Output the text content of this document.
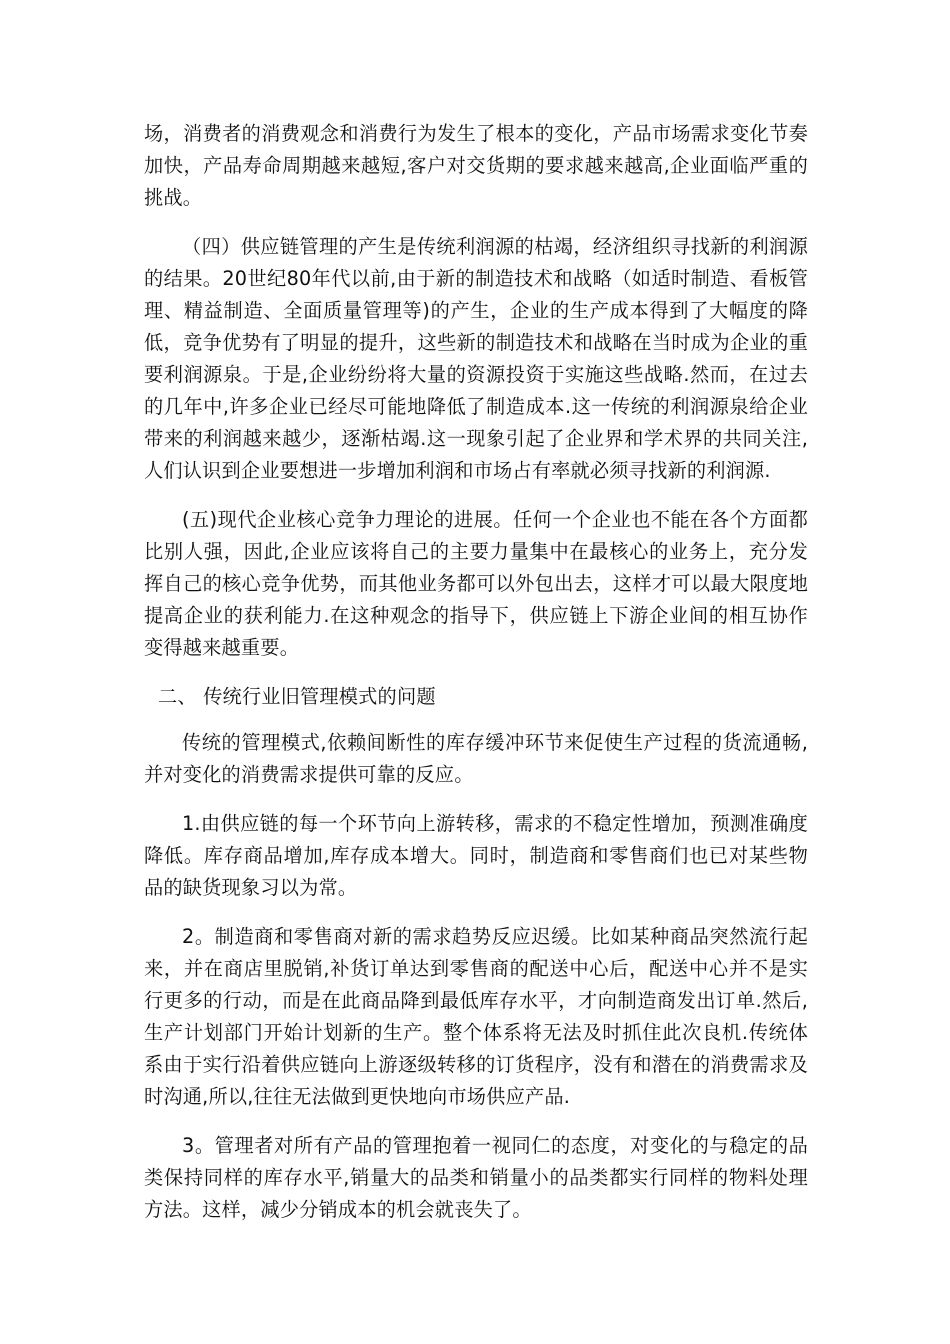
场，消费者的消费观念和消费行为发生了根本的变化，产品市场需求变化节奏加快，产品寿命周期越来越短,客户对交货期的要求越来越高,企业面临严重的挑战。

（四）供应链管理的产生是传统利润源的枯竭，经济组织寻找新的利润源的结果。20世纪80年代以前,由于新的制造技术和战略（如适时制造、看板管理、精益制造、全面质量管理等)的产生，企业的生产成本得到了大幅度的降低，竞争优势有了明显的提升，这些新的制造技术和战略在当时成为企业的重要利润源泉。于是,企业纷纷将大量的资源投资于实施这些战略.然而，在过去的几年中,许多企业已经尽可能地降低了制造成本.这一传统的利润源泉给企业带来的利润越来越少，逐渐枯竭.这一现象引起了企业界和学术界的共同关注,人们认识到企业要想进一步增加利润和市场占有率就必须寻找新的利润源.

(五)现代企业核心竞争力理论的进展。任何一个企业也不能在各个方面都比别人强，因此,企业应该将自己的主要力量集中在最核心的业务上，充分发挥自己的核心竞争优势，而其他业务都可以外包出去，这样才可以最大限度地提高企业的获利能力.在这种观念的指导下，供应链上下游企业间的相互协作变得越来越重要。

二、 传统行业旧管理模式的问题

传统的管理模式,依赖间断性的库存缓冲环节来促使生产过程的货流通畅,并对变化的消费需求提供可靠的反应。

1.由供应链的每一个环节向上游转移，需求的不稳定性增加，预测准确度降低。库存商品增加,库存成本增大。同时，制造商和零售商们也已对某些物品的缺货现象习以为常。

2。制造商和零售商对新的需求趋势反应迟缓。比如某种商品突然流行起来，并在商店里脱销,补货订单达到零售商的配送中心后，配送中心并不是实行更多的行动，而是在此商品降到最低库存水平，才向制造商发出订单.然后,生产计划部门开始计划新的生产。整个体系将无法及时抓住此次良机.传统体系由于实行沿着供应链向上游逐级转移的订货程序，没有和潜在的消费需求及时沟通,所以,往往无法做到更快地向市场供应产品.

3。管理者对所有产品的管理抱着一视同仁的态度，对变化的与稳定的品类保持同样的库存水平,销量大的品类和销量小的品类都实行同样的物料处理方法。这样，减少分销成本的机会就丧失了。
